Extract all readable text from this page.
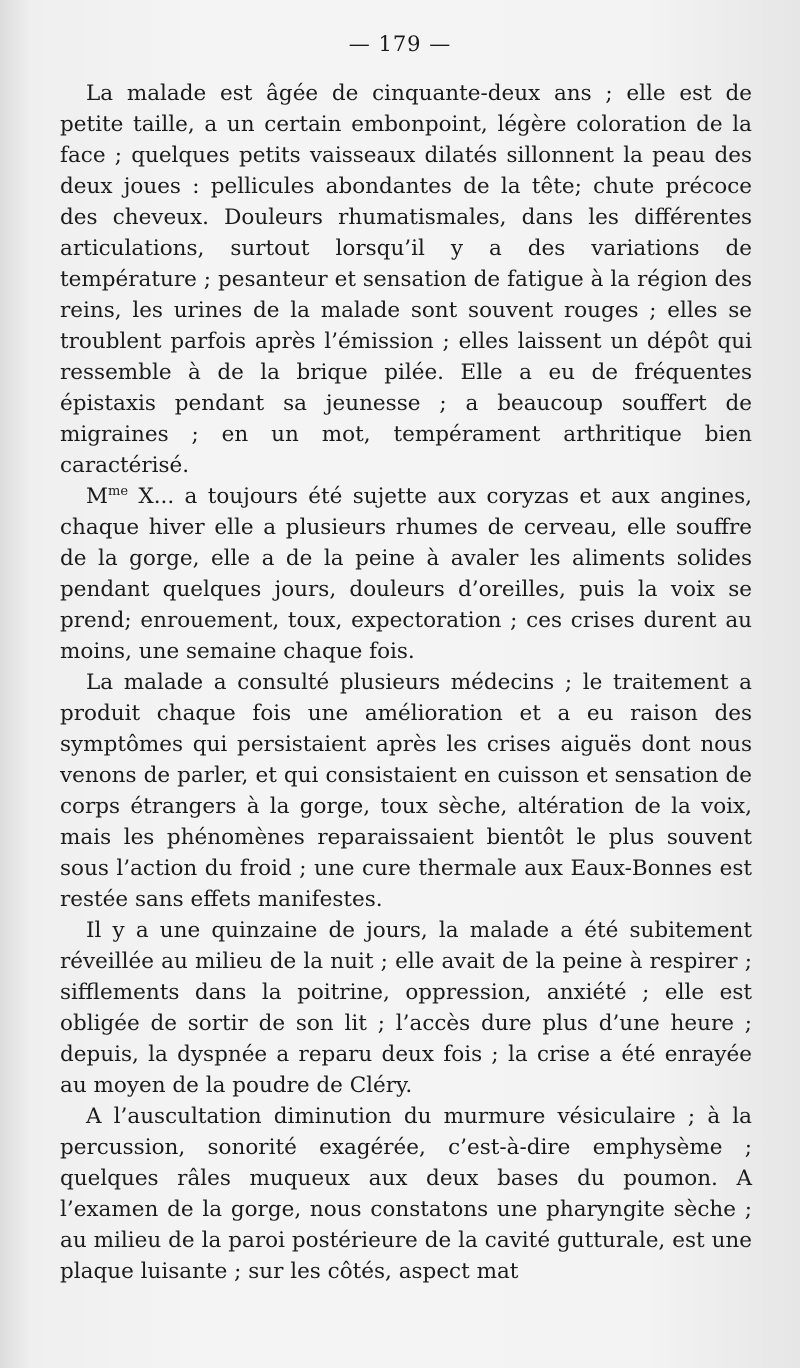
— 179 —

La malade est âgée de cinquante-deux ans ; elle est de petite taille, a un certain embonpoint, légère coloration de la face ; quelques petits vaisseaux dilatés sillonnent la peau des deux joues : pellicules abondantes de la tête; chute précoce des cheveux. Douleurs rhumatismales, dans les différentes articulations, surtout lorsqu’il y a des variations de température ; pesanteur et sensation de fatigue à la région des reins, les urines de la malade sont souvent rouges ; elles se troublent parfois après l’émission ; elles laissent un dépôt qui ressemble à de la brique pilée. Elle a eu de fréquentes épistaxis pendant sa jeunesse ; a beaucoup souffert de migraines ; en un mot, tempérament arthritique bien caractérisé.

$M^{me}$ X... a toujours été sujette aux coryzas et aux angines, chaque hiver elle a plusieurs rhumes de cerveau, elle souffre de la gorge, elle a de la peine à avaler les aliments solides pendant quelques jours, douleurs d’oreilles, puis la voix se prend; enrouement, toux, expectoration ; ces crises durent au moins, une semaine chaque fois.

La malade a consulté plusieurs médecins ; le traitement a produit chaque fois une amélioration et a eu raison des symptômes qui persistaient après les crises aiguës dont nous venons de parler, et qui consistaient en cuisson et sensation de corps étrangers à la gorge, toux sèche, altération de la voix, mais les phénomènes reparaissaient bientôt le plus souvent sous l’action du froid ; une cure thermale aux Eaux-Bonnes est restée sans effets manifestes.

Il y a une quinzaine de jours, la malade a été subitement réveillée au milieu de la nuit ; elle avait de la peine à respirer ; sifflements dans la poitrine, oppression, anxiété ; elle est obligée de sortir de son lit ; l’accès dure plus d’une heure ; depuis, la dyspnée a reparu deux fois ; la crise a été enrayée au moyen de la poudre de Cléry.

A l’auscultation diminution du murmure vésiculaire ; à la percussion, sonorité exagérée, c’est-à-dire emphysème ; quelques râles muqueux aux deux bases du poumon. A l’examen de la gorge, nous constatons une pharyngite sèche ; au milieu de la paroi postérieure de la cavité gutturale, est une plaque luisante ; sur les côtés, aspect mat
